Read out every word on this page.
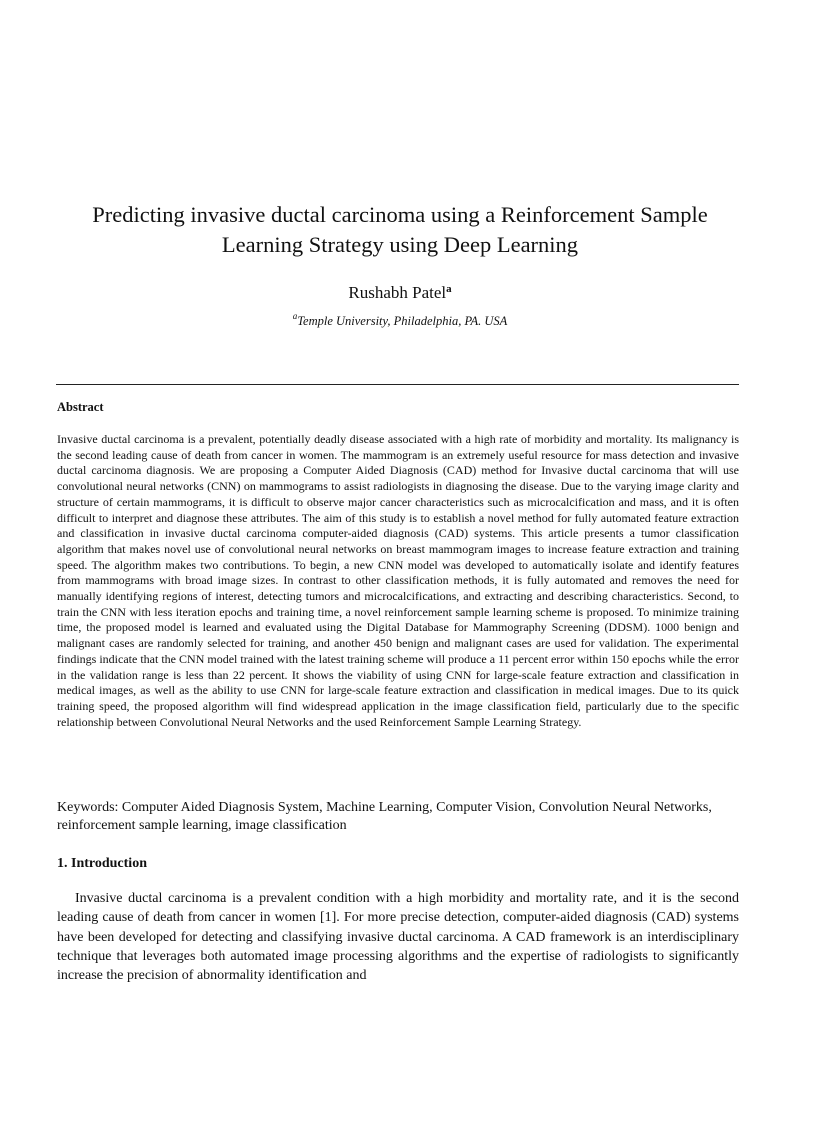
Predicting invasive ductal carcinoma using a Reinforcement Sample Learning Strategy using Deep Learning
Rushabh Patel$^a$
$^a$Temple University, Philadelphia, PA. USA
Abstract

Invasive ductal carcinoma is a prevalent, potentially deadly disease associated with a high rate of morbidity and mortality. Its malignancy is the second leading cause of death from cancer in women. The mammogram is an extremely useful resource for mass detection and invasive ductal carcinoma diagnosis. We are proposing a Computer Aided Diagnosis (CAD) method for Invasive ductal carcinoma that will use convolutional neural networks (CNN) on mammograms to assist radiologists in diagnosing the disease. Due to the varying image clarity and structure of certain mammograms, it is difficult to observe major cancer characteristics such as microcalcification and mass, and it is often difficult to interpret and diagnose these attributes. The aim of this study is to establish a novel method for fully automated feature extraction and classification in invasive ductal carcinoma computer-aided diagnosis (CAD) systems. This article presents a tumor classification algorithm that makes novel use of convolutional neural networks on breast mammogram images to increase feature extraction and training speed. The algorithm makes two contributions. To begin, a new CNN model was developed to automatically isolate and identify features from mammograms with broad image sizes. In contrast to other classification methods, it is fully automated and removes the need for manually identifying regions of interest, detecting tumors and microcalcifications, and extracting and describing characteristics. Second, to train the CNN with less iteration epochs and training time, a novel reinforcement sample learning scheme is proposed. To minimize training time, the proposed model is learned and evaluated using the Digital Database for Mammography Screening (DDSM). 1000 benign and malignant cases are randomly selected for training, and another 450 benign and malignant cases are used for validation. The experimental findings indicate that the CNN model trained with the latest training scheme will produce a 11 percent error within 150 epochs while the error in the validation range is less than 22 percent. It shows the viability of using CNN for large-scale feature extraction and classification in medical images, as well as the ability to use CNN for large-scale feature extraction and classification in medical images. Due to its quick training speed, the proposed algorithm will find widespread application in the image classification field, particularly due to the specific relationship between Convolutional Neural Networks and the used Reinforcement Sample Learning Strategy.

Keywords: Computer Aided Diagnosis System, Machine Learning, Computer Vision, Convolution Neural Networks, reinforcement sample learning, image classification

1. Introduction

Invasive ductal carcinoma is a prevalent condition with a high morbidity and mortality rate, and it is the second leading cause of death from cancer in women [1]. For more precise detection, computer-aided diagnosis (CAD) systems have been developed for detecting and classifying invasive ductal carcinoma. A CAD framework is an interdisciplinary technique that leverages both automated image processing algorithms and the expertise of radiologists to significantly increase the precision of abnormality identification and
